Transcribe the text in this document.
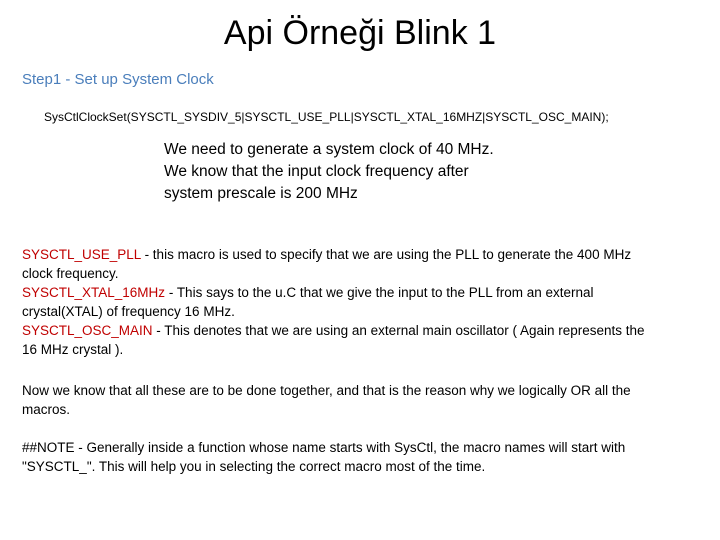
Api Örneği Blink 1
Step1 - Set up System Clock
SysCtlClockSet(SYSCTL_SYSDIV_5|SYSCTL_USE_PLL|SYSCTL_XTAL_16MHZ|SYSCTL_OSC_MAIN);
We need to generate a system clock of 40 MHz.
We know that the input clock frequency after
system prescale is 200 MHz
SYSCTL_USE_PLL - this macro is used to specify that we are using the PLL to generate the 400 MHz
clock frequency.
SYSCTL_XTAL_16MHz - This says to the u.C that we give the input to the PLL from an external
crystal(XTAL) of frequency 16 MHz.
SYSCTL_OSC_MAIN - This denotes that we are using an external main oscillator ( Again represents the
16 MHz crystal ).
Now we know that all these are to be done together, and that is the reason why we logically OR all the
macros.
##NOTE - Generally inside a function whose name starts with SysCtl, the macro names will start with
"SYSCTL_". This will help you in selecting the correct macro most of the time.
